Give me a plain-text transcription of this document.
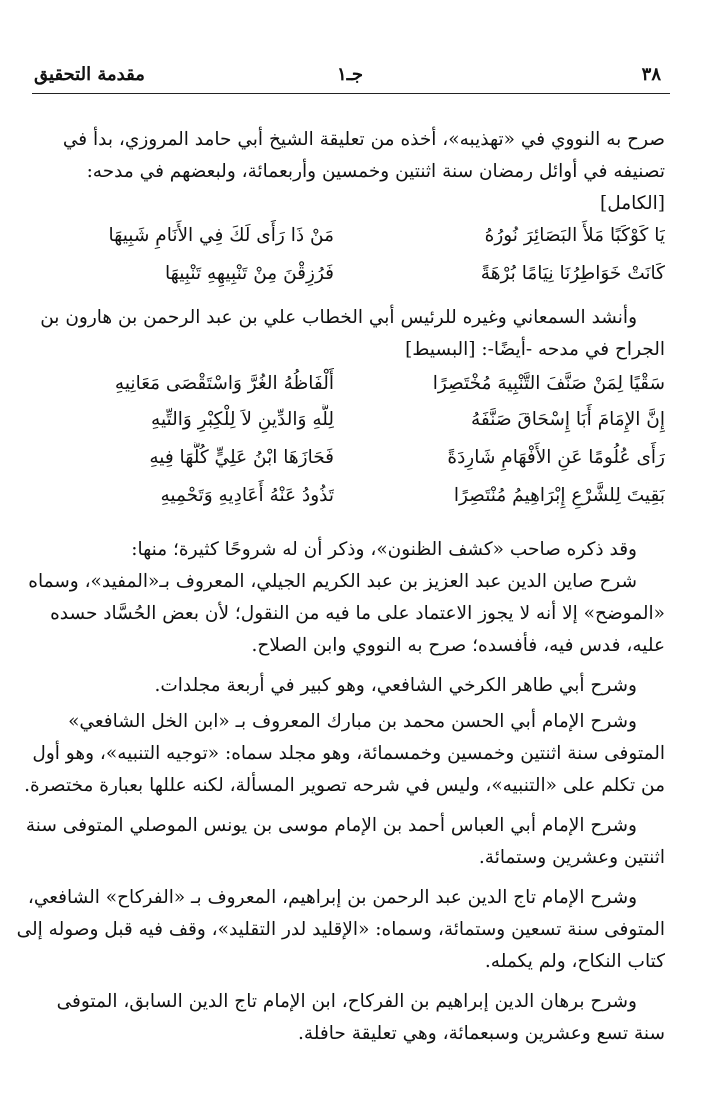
٣٨
جـ١
مقدمة التحقيق
صرح به النووي في «تهذيبه»، أخذه من تعليقة الشيخ أبي حامد المروزي، بدأ في
تصنيفه في أوائل رمضان سنة اثنتين وخمسين وأربعمائة، ولبعضهم في مدحه:
[الكامل]
يَا كَوْكَبًا مَلأَ البَصَائِرَ نُورُهُ
مَنْ ذَا رَأَى لَكَ فِي الأَنَامِ شَبِيهَا
كَانَتْ خَوَاطِرُنَا نِيَامًا بُرْهَةً
فَرُزِقْنَ مِنْ تَنْبِيهِهِ تَنْبِيهَا
وأنشد السمعاني وغيره للرئيس أبي الخطاب علي بن عبد الرحمن بن هارون بن
الجراح في مدحه -أيضًا-: [البسيط]
سَقْيًا لِمَنْ صَنَّفَ التَّنْبِيهَ مُخْتَصِرًا
أَلْفَاظُهُ الغُرَّ وَاسْتَقْصَى مَعَانِيهِ
إِنَّ الإِمَامَ أَبَا إِسْحَاقَ صَنَّفَهُ
لِلَّهِ وَالدِّينِ لاَ لِلْكِبْرِ وَالتِّيهِ
رَأَى عُلُومًا عَنِ الأَفْهَامِ شَارِدَةً
فَحَازَهَا ابْنُ عَلِيٍّ كُلَّهَا فِيهِ
بَقِيتَ لِلشَّرْعِ إِبْرَاهِيمُ مُنْتَصِرًا
تَذُودُ عَنْهُ أَعَادِيهِ وَتَحْمِيهِ
وقد ذكره صاحب «كشف الظنون»، وذكر أن له شروحًا كثيرة؛ منها:
شرح صاين الدين عبد العزيز بن عبد الكريم الجيلي، المعروف بـ«المفيد»، وسماه
«الموضح» إلا أنه لا يجوز الاعتماد على ما فيه من النقول؛ لأن بعض الحُسَّاد حسده
عليه، فدس فيه، فأفسده؛ صرح به النووي وابن الصلاح.
وشرح أبي طاهر الكرخي الشافعي، وهو كبير في أربعة مجلدات.
وشرح الإمام أبي الحسن محمد بن مبارك المعروف بـ «ابن الخل الشافعي»
المتوفى سنة اثنتين وخمسين وخمسمائة، وهو مجلد سماه: «توجيه التنبيه»، وهو أول
من تكلم على «التنبيه»، وليس في شرحه تصوير المسألة، لكنه عللها بعبارة مختصرة.
وشرح الإمام أبي العباس أحمد بن الإمام موسى بن يونس الموصلي المتوفى سنة
اثنتين وعشرين وستمائة.
وشرح الإمام تاج الدين عبد الرحمن بن إبراهيم، المعروف بـ «الفركاح» الشافعي،
المتوفى سنة تسعين وستمائة، وسماه: «الإقليد لدر التقليد»، وقف فيه قبل وصوله إلى
كتاب النكاح، ولم يكمله.
وشرح برهان الدين إبراهيم بن الفركاح، ابن الإمام تاج الدين السابق، المتوفى
سنة تسع وعشرين وسبعمائة، وهي تعليقة حافلة.
